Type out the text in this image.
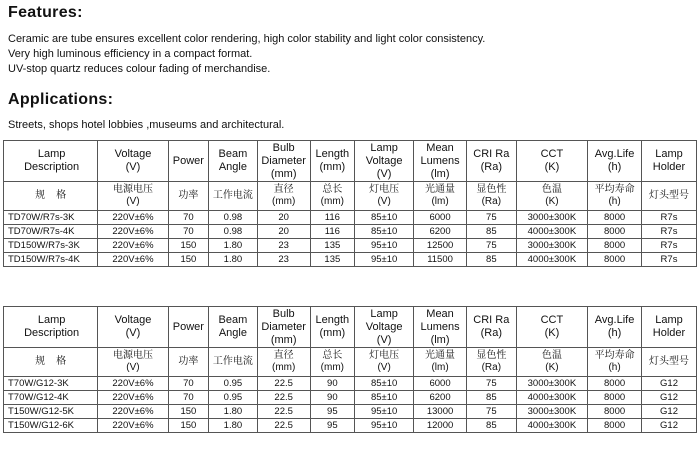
Features:

Ceramic are tube ensures excellent color rendering, high color stability and light color consistency.

Very high luminous efficiency in a compact format.

UV-stop quartz reduces colour fading of merchandise.

Applications:

Streets, shops hotel lobbies ,museums and architectural.

Lamp
Description	Voltage
(V)	Power	Beam
Angle	Bulb
Diameter
(mm)	Length
(mm)	Lamp
Voltage
(V)	Mean
Lumens
(lm)	CRI Ra
(Ra)	CCT
(K)	Avg.Life
(h)	Lamp
Holder

规    格	电源电压
(V)	功率	工作电流	直径
(mm)	总长
(mm)	灯电压
(V)	光通量
(lm)	显色性
(Ra)	色温
(K)	平均寿命
(h)	灯头型号

TD70W/R7s-3K	220V±6%	70	0.98	20	116	85±10	6000	75	3000±300K	8000	R7s
TD70W/R7s-4K	220V±6%	70	0.98	20	116	85±10	6200	85	4000±300K	8000	R7s
TD150W/R7s-3K	220V±6%	150	1.80	23	135	95±10	12500	75	3000±300K	8000	R7s
TD150W/R7s-4K	220V±6%	150	1.80	23	135	95±10	11500	85	4000±300K	8000	R7s
Lamp
Description	Voltage
(V)	Power	Beam
Angle	Bulb
Diameter
(mm)	Length
(mm)	Lamp
Voltage
(V)	Mean
Lumens
(lm)	CRI Ra
(Ra)	CCT
(K)	Avg.Life
(h)	Lamp
Holder

规    格	电源电压
(V)	功率	工作电流	直径
(mm)	总长
(mm)	灯电压
(V)	光通量
(lm)	显色性
(Ra)	色温
(K)	平均寿命
(h)	灯头型号

T70W/G12-3K	220V±6%	70	0.95	22.5	90	85±10	6000	75	3000±300K	8000	G12
T70W/G12-4K	220V±6%	70	0.95	22.5	90	85±10	6200	85	4000±300K	8000	G12
T150W/G12-5K	220V±6%	150	1.80	22.5	95	95±10	13000	75	3000±300K	8000	G12
T150W/G12-6K	220V±6%	150	1.80	22.5	95	95±10	12000	85	4000±300K	8000	G12
